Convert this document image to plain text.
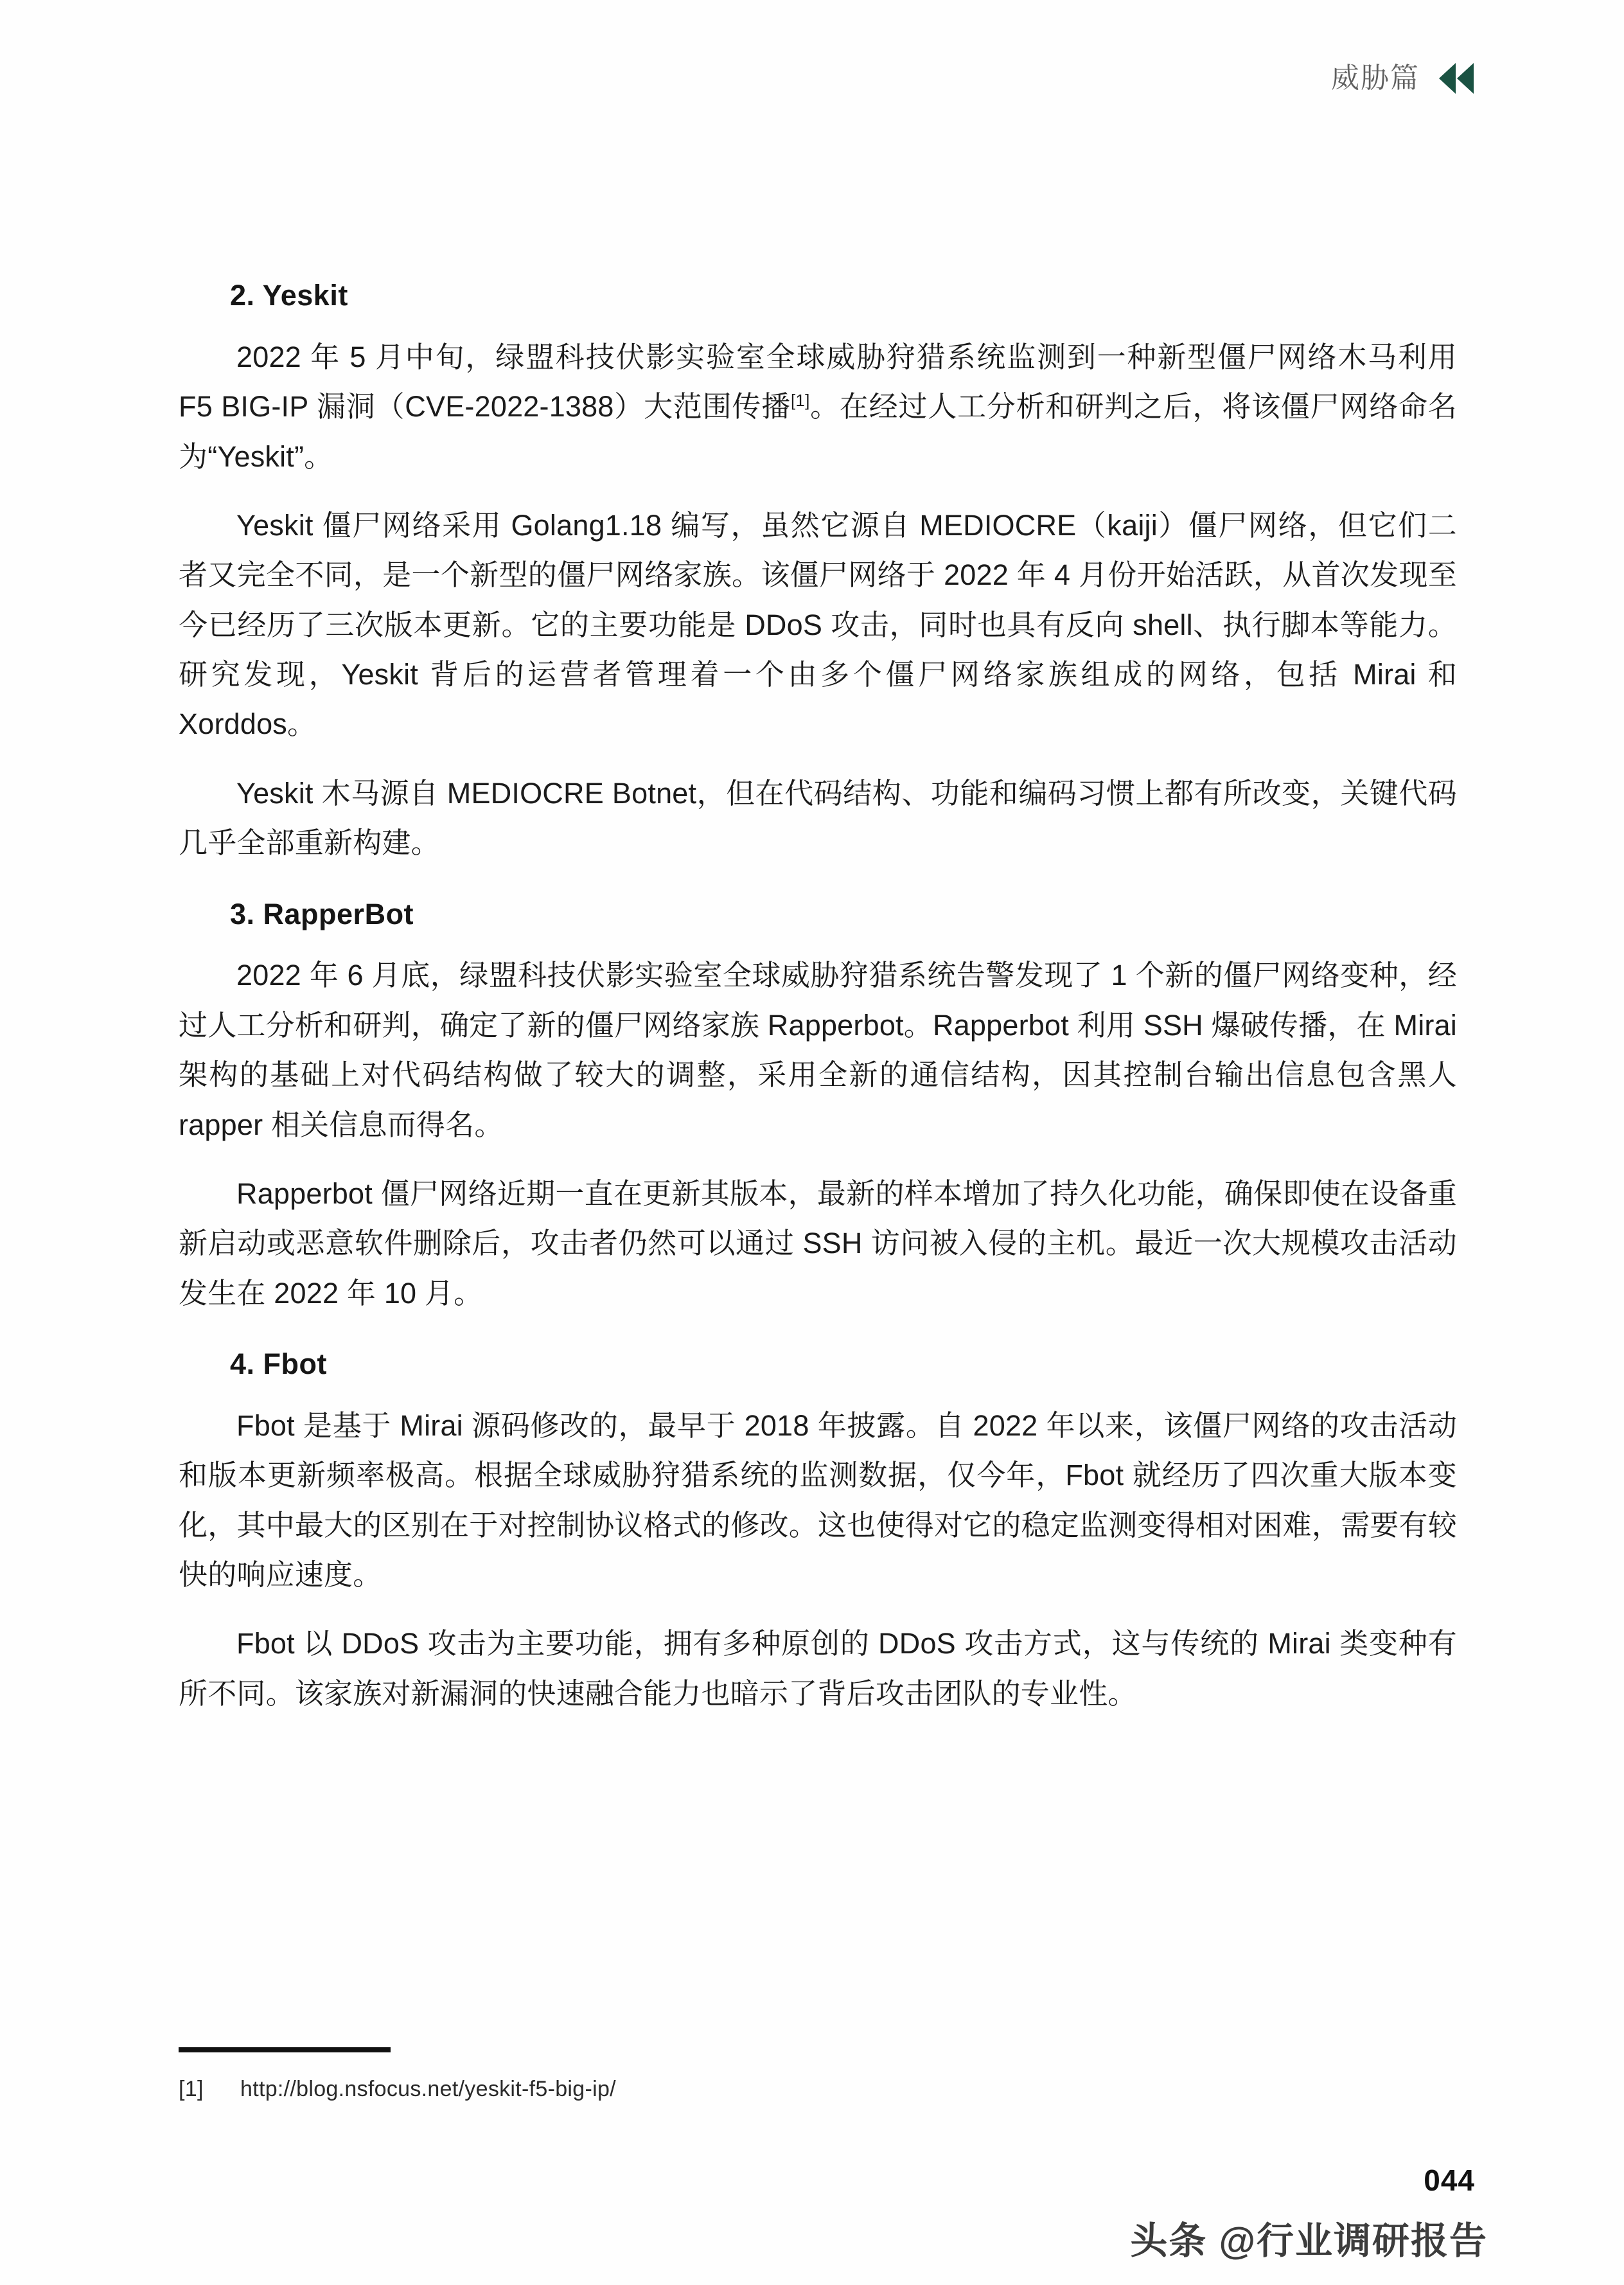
威胁篇
2. Yeskit

2022 年 5 月中旬，绿盟科技伏影实验室全球威胁狩猎系统监测到一种新型僵尸网络木马利用 F5 BIG-IP 漏洞（CVE-2022-1388）大范围传播[1]。在经过人工分析和研判之后，将该僵尸网络命名为“Yeskit”。

Yeskit 僵尸网络采用 Golang1.18 编写，虽然它源自 MEDIOCRE（kaiji）僵尸网络，但它们二者又完全不同，是一个新型的僵尸网络家族。该僵尸网络于 2022 年 4 月份开始活跃，从首次发现至今已经历了三次版本更新。它的主要功能是 DDoS 攻击，同时也具有反向 shell、执行脚本等能力。研究发现，Yeskit 背后的运营者管理着一个由多个僵尸网络家族组成的网络，包括 Mirai 和 Xorddos。

Yeskit 木马源自 MEDIOCRE Botnet，但在代码结构、功能和编码习惯上都有所改变，关键代码几乎全部重新构建。

3. RapperBot

2022 年 6 月底，绿盟科技伏影实验室全球威胁狩猎系统告警发现了 1 个新的僵尸网络变种，经过人工分析和研判，确定了新的僵尸网络家族 Rapperbot。Rapperbot 利用 SSH 爆破传播，在 Mirai 架构的基础上对代码结构做了较大的调整，采用全新的通信结构，因其控制台输出信息包含黑人 rapper 相关信息而得名。

Rapperbot 僵尸网络近期一直在更新其版本，最新的样本增加了持久化功能，确保即使在设备重新启动或恶意软件删除后，攻击者仍然可以通过 SSH 访问被入侵的主机。最近一次大规模攻击活动发生在 2022 年 10 月。

4. Fbot

Fbot 是基于 Mirai 源码修改的，最早于 2018 年披露。自 2022 年以来，该僵尸网络的攻击活动和版本更新频率极高。根据全球威胁狩猎系统的监测数据，仅今年，Fbot 就经历了四次重大版本变化，其中最大的区别在于对控制协议格式的修改。这也使得对它的稳定监测变得相对困难，需要有较快的响应速度。

Fbot 以 DDoS 攻击为主要功能，拥有多种原创的 DDoS 攻击方式，这与传统的 Mirai 类变种有所不同。该家族对新漏洞的快速融合能力也暗示了背后攻击团队的专业性。

[1]	http://blog.nsfocus.net/yeskit-f5-big-ip/
044
头条 @行业调研报告
